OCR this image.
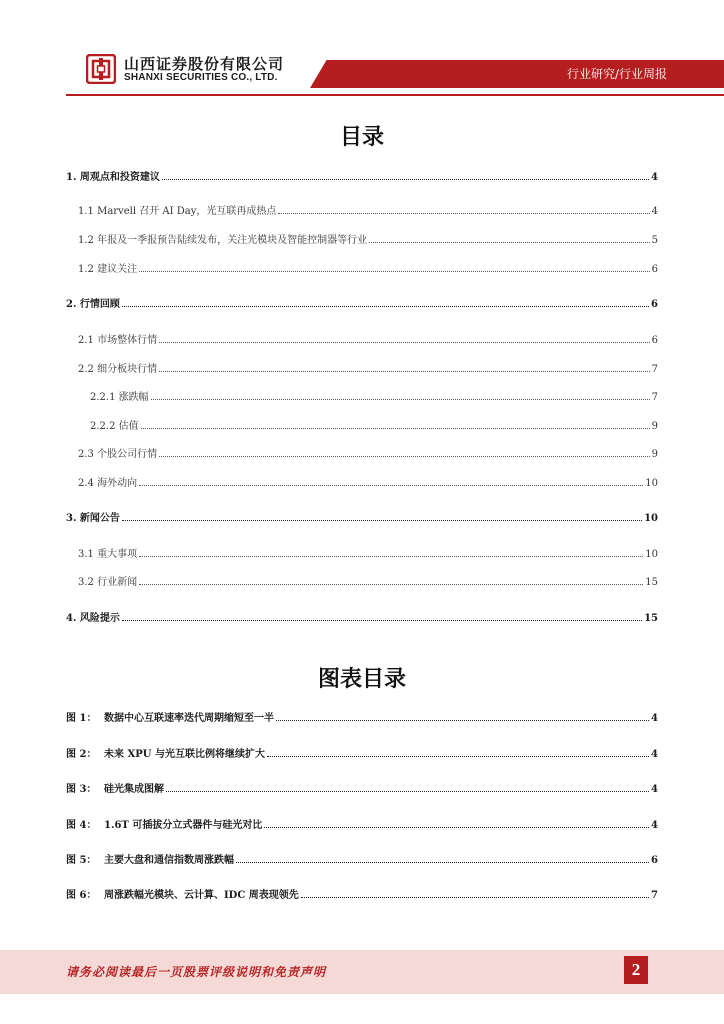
山西证券股份有限公司
SHANXI SECURITIES CO., LTD.	行业研究/行业周报
目录
1. 周观点和投资建议	4
1.1 Marvell 召开 AI Day，光互联再成热点	4
1.2 年报及一季报预告陆续发布，关注光模块及智能控制器等行业	5
1.2 建议关注	6
2. 行情回顾	6
2.1 市场整体行情	6
2.2 细分板块行情	7
2.2.1 涨跌幅	7
2.2.2 估值	9
2.3 个股公司行情	9
2.4 海外动向	10
3. 新闻公告	10
3.1 重大事项	10
3.2 行业新闻	15
4. 风险提示	15
图表目录
图 1： 数据中心互联速率迭代周期缩短至一半	4
图 2： 未来 XPU 与光互联比例将继续扩大	4
图 3： 硅光集成图解	4
图 4： 1.6T 可插拔分立式器件与硅光对比	4
图 5： 主要大盘和通信指数周涨跌幅	6
图 6： 周涨跌幅光模块、云计算、IDC 周表现领先	7
请务必阅读最后一页股票评级说明和免责声明	2
